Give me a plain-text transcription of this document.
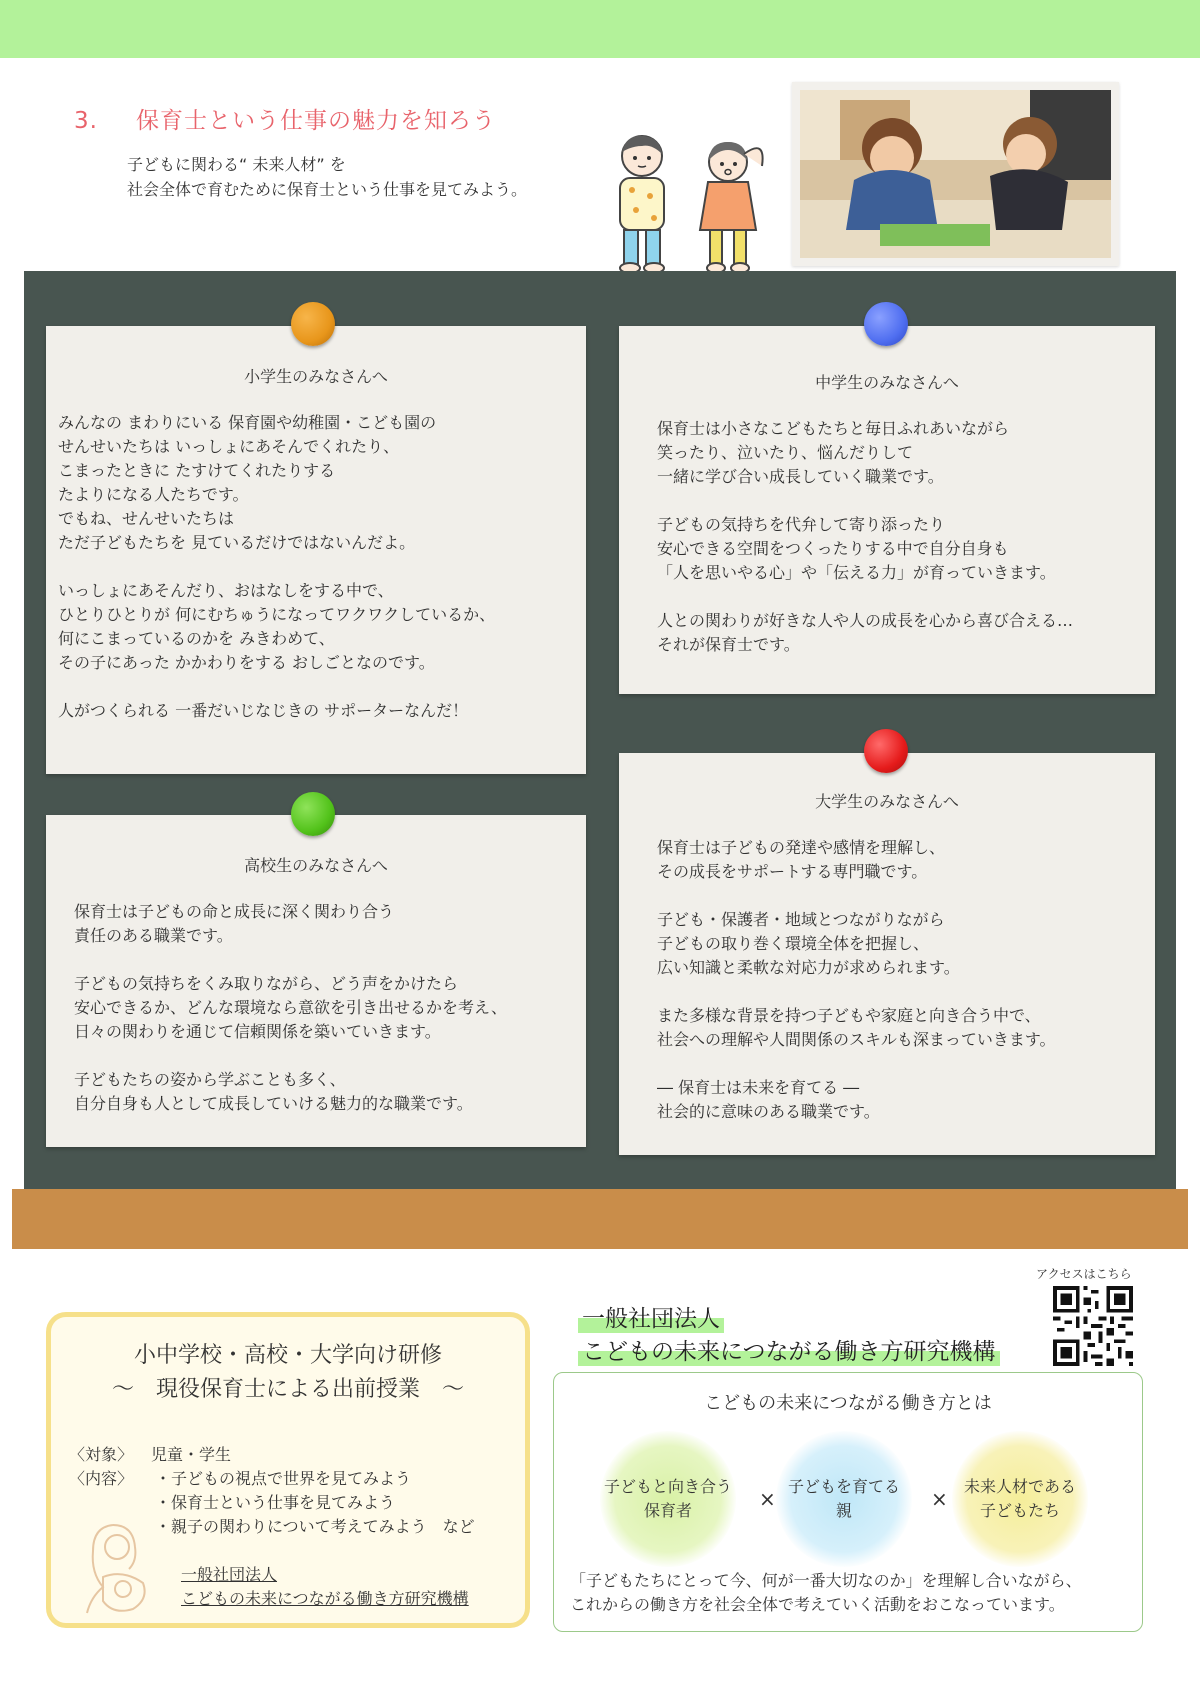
3. 保育士という仕事の魅力を知ろう
子どもに関わる“ 未来人材” を
社会全体で育むために保育士という仕事を見てみよう。
小学生のみなさんへ

みんなの まわりにいる 保育園や幼稚園・こども園の
せんせいたちは いっしょにあそんでくれたり、
こまったときに たすけてくれたりする
たよりになる人たちです。
でもね、せんせいたちは
ただ子どもたちを 見ているだけではないんだよ。

いっしょにあそんだり、おはなしをする中で、
ひとりひとりが 何にむちゅうになってワクワクしているか、
何にこまっているのかを みきわめて、
その子にあった かかわりをする おしごとなのです。

人がつくられる 一番だいじなじきの サポーターなんだ！

中学生のみなさんへ

保育士は小さなこどもたちと毎日ふれあいながら
笑ったり、泣いたり、悩んだりして
一緒に学び合い成長していく職業です。

子どもの気持ちを代弁して寄り添ったり
安心できる空間をつくったりする中で自分自身も
「人を思いやる心」や「伝える力」が育っていきます。

人との関わりが好きな人や人の成長を心から喜び合える…
それが保育士です。

高校生のみなさんへ

保育士は子どもの命と成長に深く関わり合う
責任のある職業です。

子どもの気持ちをくみ取りながら、どう声をかけたら
安心できるか、どんな環境なら意欲を引き出せるかを考え、
日々の関わりを通じて信頼関係を築いていきます。

子どもたちの姿から学ぶことも多く、
自分自身も人として成長していける魅力的な職業です。

大学生のみなさんへ

保育士は子どもの発達や感情を理解し、
その成長をサポートする専門職です。

子ども・保護者・地域とつながりながら
子どもの取り巻く環境全体を把握し、
広い知識と柔軟な対応力が求められます。

また多様な背景を持つ子どもや家庭と向き合う中で、
社会への理解や人間関係のスキルも深まっていきます。

― 保育士は未来を育てる ―
社会的に意味のある職業です。

小中学校・高校・大学向け研修
～　現役保育士による出前授業　～
〈対象〉 児童・学生
〈内容〉 ・子どもの視点で世界を見てみよう
・保育士という仕事を見てみよう
・親子の関わりについて考えてみよう　など
一般社団法人
こどもの未来につながる働き方研究機構
アクセスはこちら
一般社団法人
こどもの未来につながる働き方研究機構
こどもの未来につながる働き方とは
子どもと向き合う
保育者	×
子どもを育てる
親	×
未来人材である
子どもたち
「子どもたちにとって今、何が一番大切なのか」を理解し合いながら、
これからの働き方を社会全体で考えていく活動をおこなっています。
